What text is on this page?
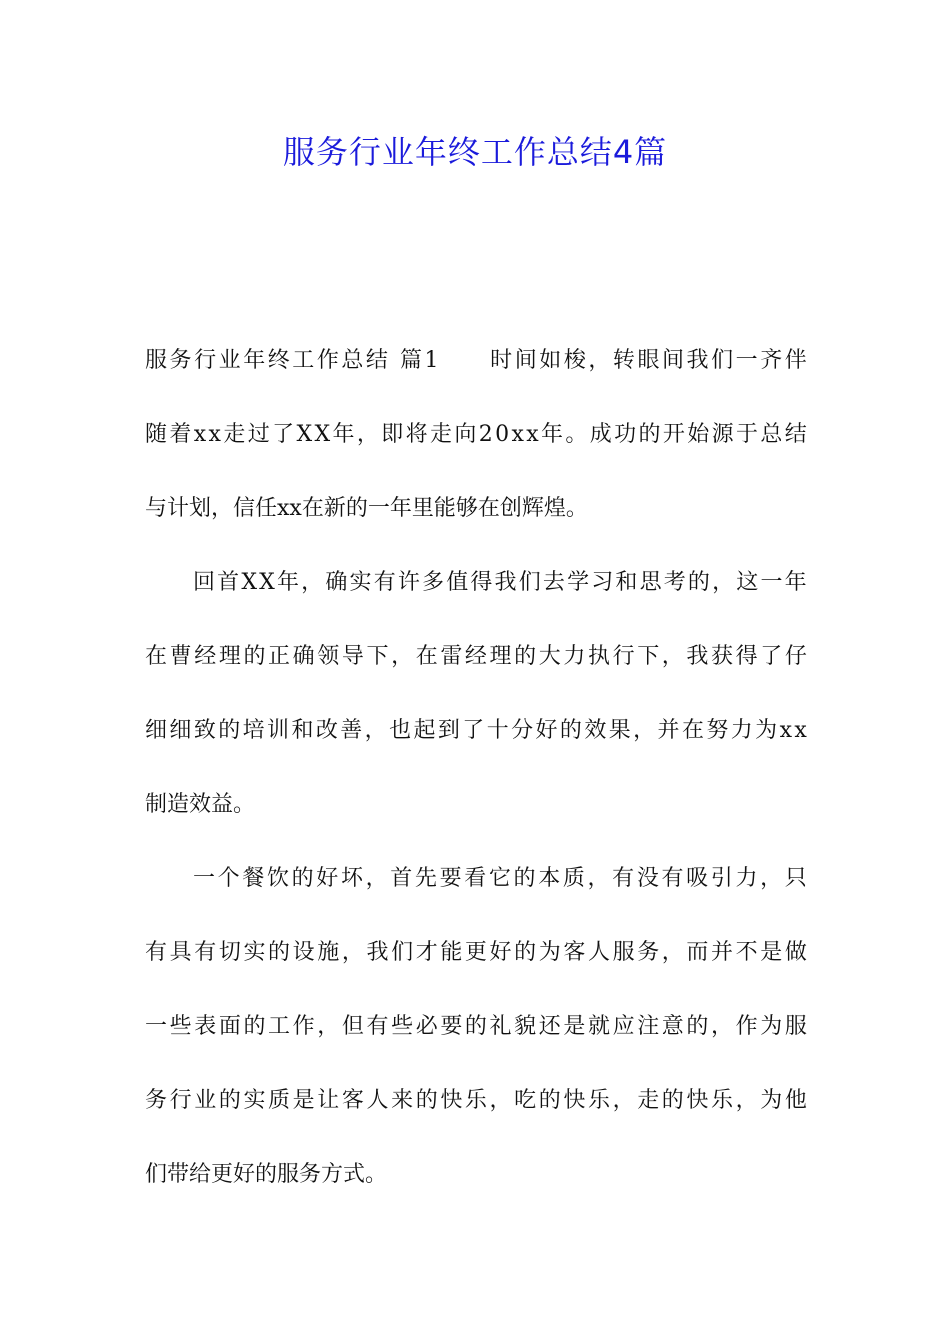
服务行业年终工作总结4篇
服 务 行 业 年 终 工 作 总 结
篇 1

　 时 间 如 梭 ， 转 眼 间 我 们 一 齐 伴
随 着 x x 走 过 了 X X 年 ， 即 将 走 向 2 0 x x 年 。 成 功 的 开 始 源 于 总 结
与计划，信任xx在新的一年里能够在创辉煌。
回 首 X X 年 ， 确 实 有 许 多 值 得 我 们 去 学 习 和 思 考 的 ， 这 一 年
在 曹 经 理 的 正 确 领 导 下 ， 在 雷 经 理 的 大 力 执 行 下 ， 我 获 得 了 仔
细 细 致 的 培 训 和 改 善 ， 也 起 到 了 十 分 好 的 效 果 ， 并 在 努 力 为 x x
制造效益。
一 个 餐 饮 的 好 坏 ， 首 先 要 看 它 的 本 质 ， 有 没 有 吸 引 力 ， 只
有 具 有 切 实 的 设 施 ， 我 们 才 能 更 好 的 为 客 人 服 务 ， 而 并 不 是 做
一 些 表 面 的 工 作 ， 但 有 些 必 要 的 礼 貌 还 是 就 应 注 意 的 ， 作 为 服
务 行 业 的 实 质 是 让 客 人 来 的 快 乐 ， 吃 的 快 乐 ， 走 的 快 乐 ， 为 他
们带给更好的服务方式。
